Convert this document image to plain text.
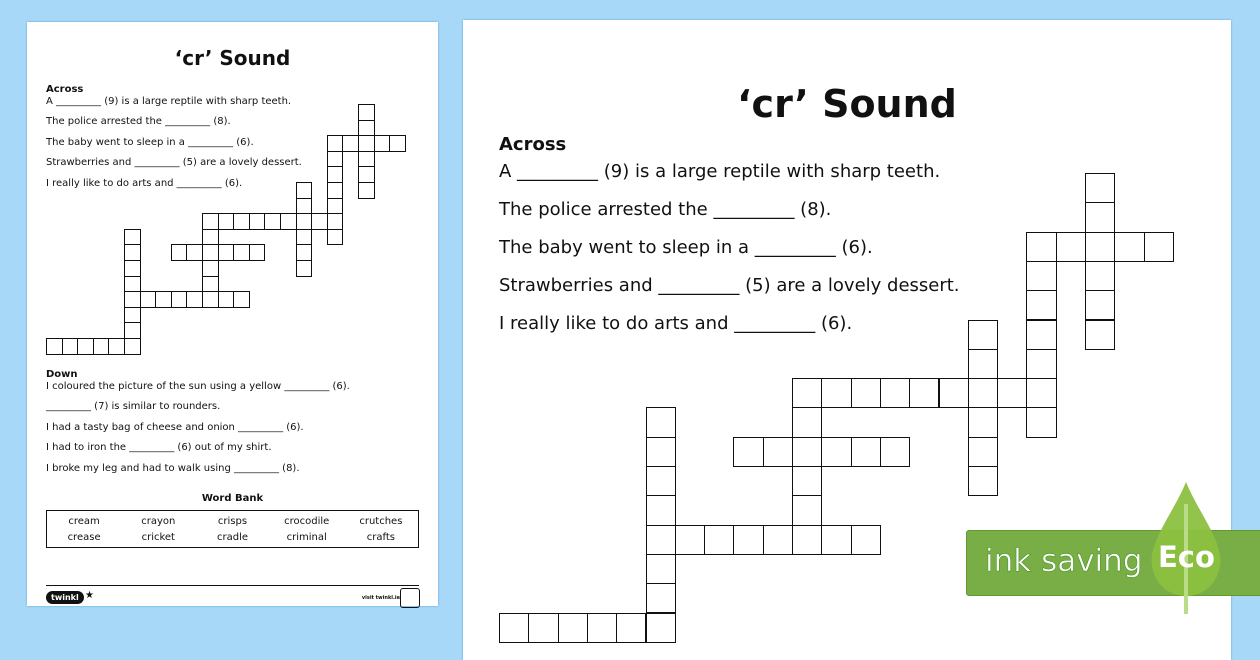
‘cr’ Sound
Across
A _________ (9) is a large reptile with sharp teeth.
The police arrested the _________ (8).
The baby went to sleep in a _________ (6).
Strawberries and _________ (5) are a lovely dessert.
I really like to do arts and _________ (6).
Down
I coloured the picture of the sun using a yellow _________ (6).
_________ (7) is similar to rounders.
I had a tasty bag of cheese and onion _________ (6).
I had to iron the _________ (6) out of my shirt.
I broke my leg and had to walk using _________ (8).
Word Bank
cream	crayon	crisps	crocodile	crutches
crease	cricket	cradle	criminal	crafts
twinkl ★	visit twinkl.ie
‘cr’ Sound
Across
A _________ (9) is a large reptile with sharp teeth.
The police arrested the _________ (8).
The baby went to sleep in a _________ (6).
Strawberries and _________ (5) are a lovely dessert.
I really like to do arts and _________ (6).
ink saving Eco
